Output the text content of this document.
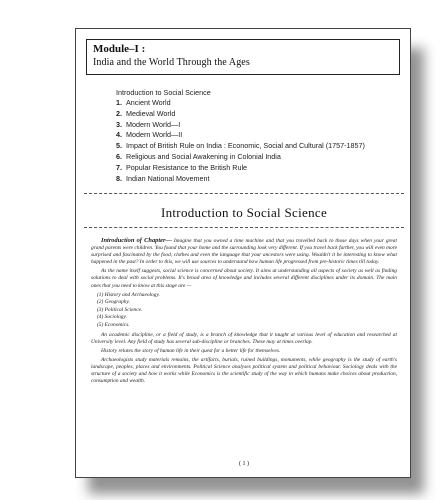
Module–I :
India and the World Through the Ages
Introduction to Social Science
1. Ancient World
2. Medieval World
3. Modern World—I
4. Modern World—II
5. Impact of British Rule on India : Economic, Social and Cultural (1757-1857)
6. Religious and Social Awakening in Colonial India
7. Popular Resistance to the British Rule
8. Indian National Movement
Introduction to Social Science

Introduction of Chapter— Imagine that you owned a time machine and that you travelled back to those days when your great grand parents were children. You found that your home and the surrounding look very different. If you travel back further, you will even more surprised and fascinated by the food, clothes and even the language that your ancestors were using. Wouldn't it be interesting to know what happened in the past? In order to this, we will use sources to understand how human life progressed from pre-historic times till today.

As the name itself suggests, social science is concerned about society. It aims at understanding all aspects of society as well as finding solutions to deal with social problems. It's broad area of knowledge and includes several different disciplines under its domain. The main ones that you need to know at this stage are —

(1) History and Archaeology.
(2) Geography.
(3) Political Science.
(4) Sociology.
(5) Economics.

An academic discipline, or a field of study, is a branch of knowledge that it taught at various level of education and researched at University level. Any field of study has several sub-discipline or branches. These may at times overlap.

History relates the story of human life in their quest for a better life for themselves.

Archaeologists study materials remains, the artifacts, burials, ruined buildings, monuments, while geography is the study of earth's landscape, peoples, places and environments. Political Science analyses political system and political behaviour. Sociology deals with the structure of a society and how it works while Economics is the scientific study of the way in which humans make choices about production, consumption and wealth.

( 1 )
